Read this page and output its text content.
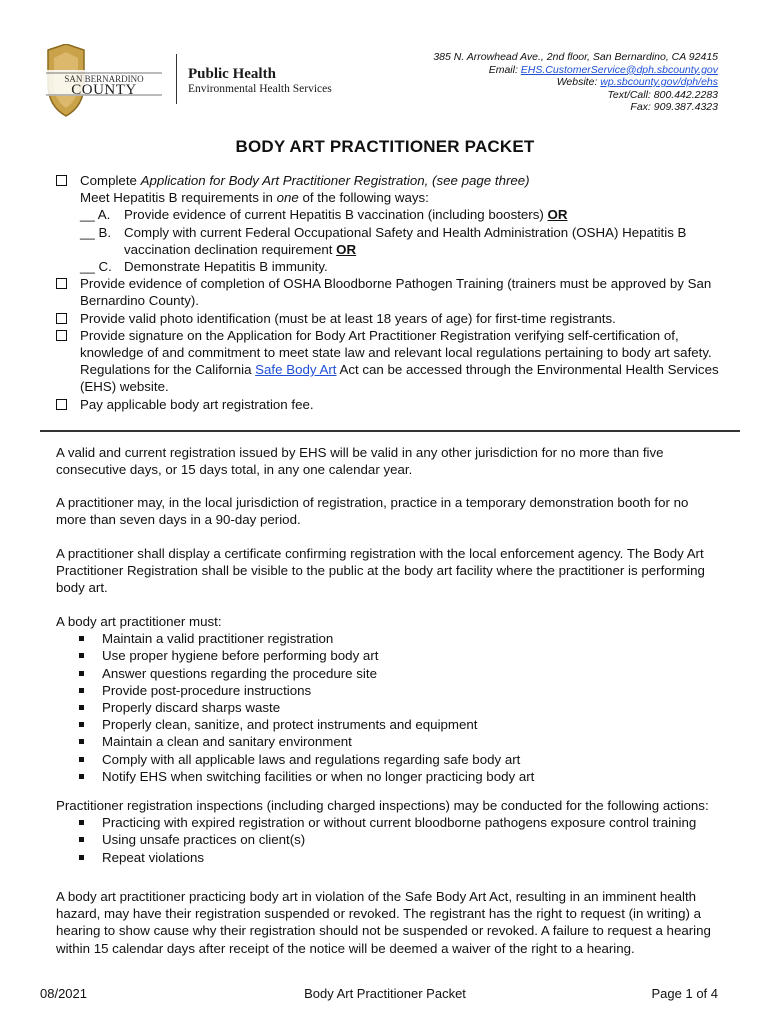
SAN BERNARDINO
COUNTY
Public Health
Environmental Health Services
385 N. Arrowhead Ave., 2nd floor, San Bernardino, CA 92415
Email: EHS.CustomerService@dph.sbcounty.gov
Website: wp.sbcounty.gov/dph/ehs
Text/Call: 800.442.2283
Fax: 909.387.4323
BODY ART PRACTITIONER PACKET
Complete Application for Body Art Practitioner Registration, (see page three)
Meet Hepatitis B requirements in one of the following ways:
__ A. Provide evidence of current Hepatitis B vaccination (including boosters) OR
__ B. Comply with current Federal Occupational Safety and Health Administration (OSHA) Hepatitis B vaccination declination requirement OR
__ C. Demonstrate Hepatitis B immunity.
Provide evidence of completion of OSHA Bloodborne Pathogen Training (trainers must be approved by San Bernardino County).
Provide valid photo identification (must be at least 18 years of age) for first-time registrants.
Provide signature on the Application for Body Art Practitioner Registration verifying self-certification of, knowledge of and commitment to meet state law and relevant local regulations pertaining to body art safety. Regulations for the California Safe Body Art Act can be accessed through the Environmental Health Services (EHS) website.
Pay applicable body art registration fee.
A valid and current registration issued by EHS will be valid in any other jurisdiction for no more than five consecutive days, or 15 days total, in any one calendar year.
A practitioner may, in the local jurisdiction of registration, practice in a temporary demonstration booth for no more than seven days in a 90-day period.
A practitioner shall display a certificate confirming registration with the local enforcement agency. The Body Art Practitioner Registration shall be visible to the public at the body art facility where the practitioner is performing body art.
A body art practitioner must:
Maintain a valid practitioner registration
Use proper hygiene before performing body art
Answer questions regarding the procedure site
Provide post-procedure instructions
Properly discard sharps waste
Properly clean, sanitize, and protect instruments and equipment
Maintain a clean and sanitary environment
Comply with all applicable laws and regulations regarding safe body art
Notify EHS when switching facilities or when no longer practicing body art
Practitioner registration inspections (including charged inspections) may be conducted for the following actions:
Practicing with expired registration or without current bloodborne pathogens exposure control training
Using unsafe practices on client(s)
Repeat violations
A body art practitioner practicing body art in violation of the Safe Body Art Act, resulting in an imminent health hazard, may have their registration suspended or revoked. The registrant has the right to request (in writing) a hearing to show cause why their registration should not be suspended or revoked. A failure to request a hearing within 15 calendar days after receipt of the notice will be deemed a waiver of the right to a hearing.
08/2021	Body Art Practitioner Packet	Page 1 of 4
